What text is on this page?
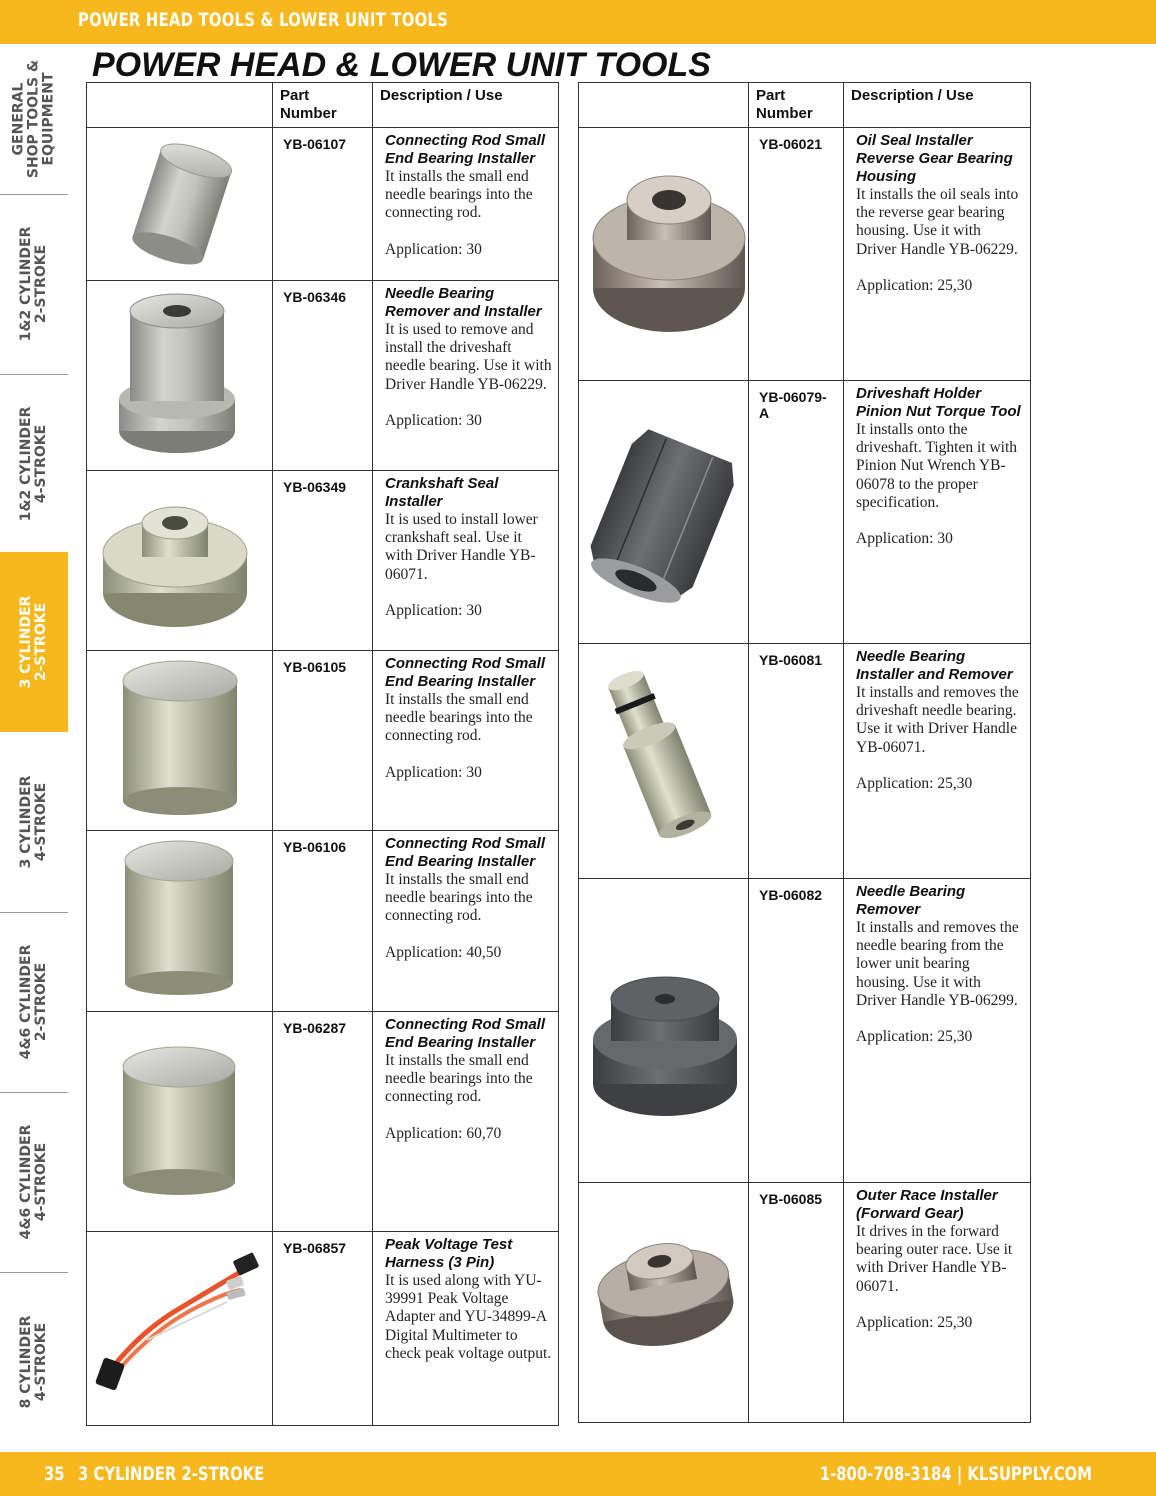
POWER HEAD TOOLS & LOWER UNIT TOOLS
GENERAL SHOP TOOLS & EQUIPMENT
1&2 CYLINDER 2-STROKE
1&2 CYLINDER 4-STROKE
3 CYLINDER 2-STROKE
3 CYLINDER 4-STROKE
4&6 CYLINDER 2-STROKE
4&6 CYLINDER 4-STROKE
8 CYLINDER 4-STROKE
POWER HEAD & LOWER UNIT TOOLS
	Part Number	Description / Use

	YB-06107	Connecting Rod Small End Bearing Installer
It installs the small end needle bearings into the connecting rod.
Application: 30

	YB-06346	Needle Bearing Remover and Installer
It is used to remove and install the driveshaft needle bearing. Use it with Driver Handle YB-06229.
Application: 30

	YB-06349	Crankshaft Seal Installer
It is used to install lower crankshaft seal. Use it with Driver Handle YB-06071.
Application: 30

	YB-06105	Connecting Rod Small End Bearing Installer
It installs the small end needle bearings into the connecting rod.
Application: 30

	YB-06106	Connecting Rod Small End Bearing Installer
It installs the small end needle bearings into the connecting rod.
Application: 40,50

	YB-06287	Connecting Rod Small End Bearing Installer
It installs the small end needle bearings into the connecting rod.
Application: 60,70

	YB-06857	Peak Voltage Test Harness (3 Pin)
It is used along with YU-39991 Peak Voltage Adapter and YU-34899-A Digital Multimeter to check peak voltage output.
	Part Number	Description / Use

	YB-06021	Oil Seal Installer Reverse Gear Bearing Housing
It installs the oil seals into the reverse gear bearing housing. Use it with Driver Handle YB-06229.
Application: 25,30

	YB-06079-A	Driveshaft Holder Pinion Nut Torque Tool
It installs onto the driveshaft. Tighten it with Pinion Nut Wrench YB-06078 to the proper specification.
Application: 30

	YB-06081	Needle Bearing Installer and Remover
It installs and removes the driveshaft needle bearing. Use it with Driver Handle YB-06071.
Application: 25,30

	YB-06082	Needle Bearing Remover
It installs and removes the needle bearing from the lower unit bearing housing. Use it with Driver Handle YB-06299.
Application: 25,30

	YB-06085	Outer Race Installer (Forward Gear)
It drives in the forward bearing outer race. Use it with Driver Handle YB-06071.
Application: 25,30
35 3 CYLINDER 2-STROKE	1-800-708-3184 | KLSUPPLY.COM
